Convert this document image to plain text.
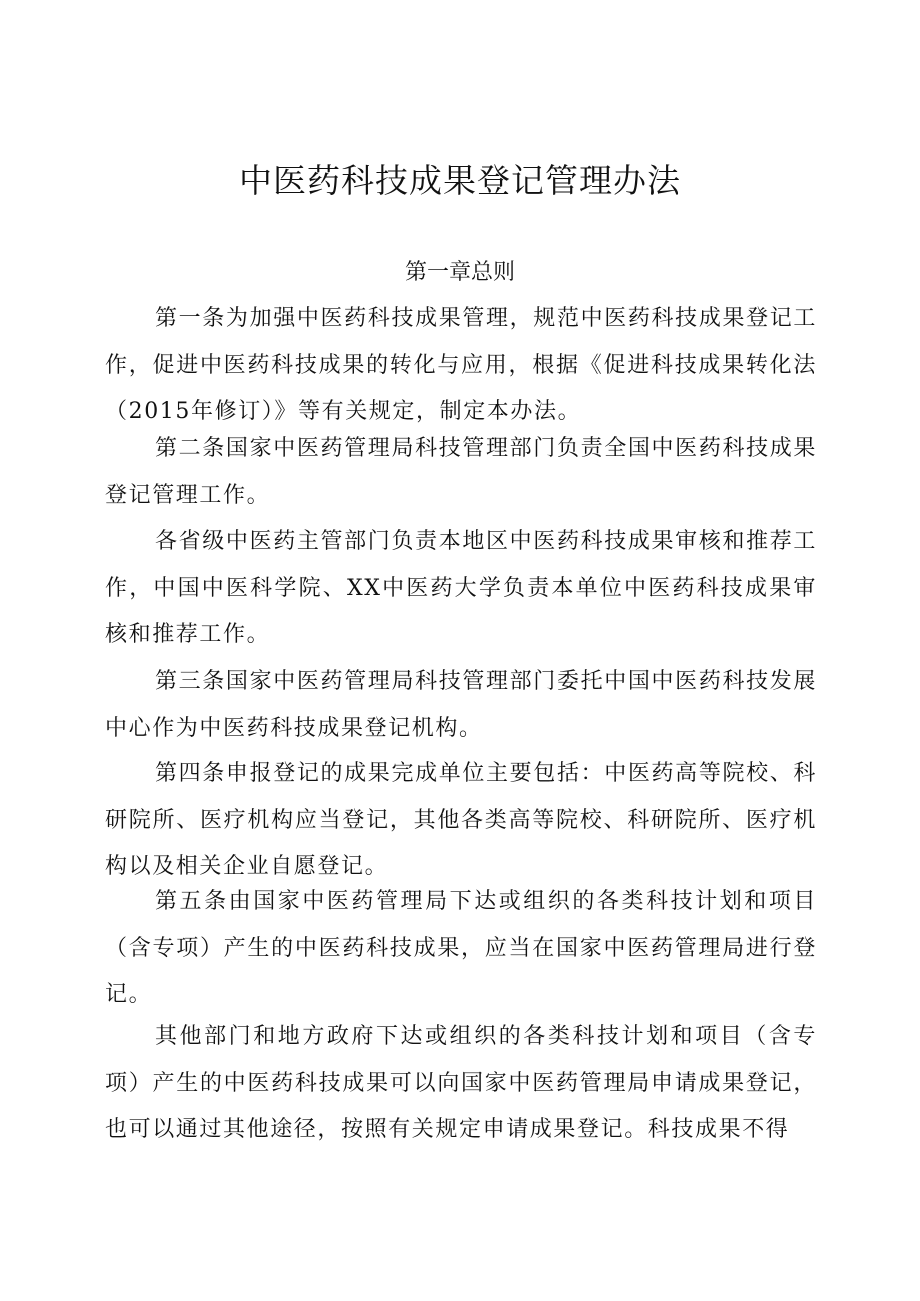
中医药科技成果登记管理办法
第一章总则

第一条为加强中医药科技成果管理，规范中医药科技成果登记工作，促进中医药科技成果的转化与应用，根据《促进科技成果转化法（2015年修订）》等有关规定，制定本办法。

第二条国家中医药管理局科技管理部门负责全国中医药科技成果登记管理工作。

各省级中医药主管部门负责本地区中医药科技成果审核和推荐工作，中国中医科学院、XX中医药大学负责本单位中医药科技成果审核和推荐工作。

第三条国家中医药管理局科技管理部门委托中国中医药科技发展中心作为中医药科技成果登记机构。

第四条申报登记的成果完成单位主要包括：中医药高等院校、科研院所、医疗机构应当登记，其他各类高等院校、科研院所、医疗机构以及相关企业自愿登记。

第五条由国家中医药管理局下达或组织的各类科技计划和项目（含专项）产生的中医药科技成果，应当在国家中医药管理局进行登记。

其他部门和地方政府下达或组织的各类科技计划和项目（含专项）产生的中医药科技成果可以向国家中医药管理局申请成果登记，也可以通过其他途径，按照有关规定申请成果登记。科技成果不得
